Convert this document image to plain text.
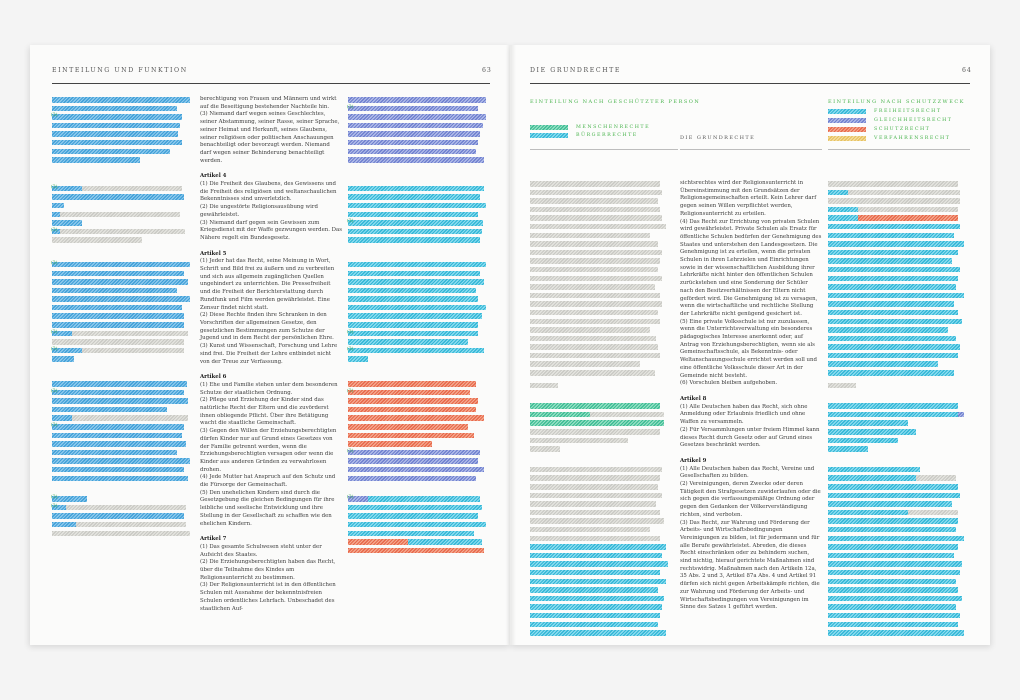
EINTEILUNG UND FUNKTION	63
(3)
(3)
(3)
(3)
(3)
(3)
(3)
(3)
(3)
(3)

berechtigung von Frauen und Männern und wirkt auf die Beseitigung bestehender Nachteile hin.

(3) Niemand darf wegen seines Geschlechtes, seiner Abstammung, seiner Rasse, seiner Sprache, seiner Heimat und Herkunft, seines Glaubens, seiner religiösen oder politischen Anschauungen benachteiligt oder bevorzugt werden. Niemand darf wegen seiner Behinderung benachteiligt werden.

Artikel 4

(1) Die Freiheit des Glaubens, des Gewissens und die Freiheit des religiösen und weltanschaulichen Bekenntnisses sind unverletzlich.

(2) Die ungestörte Religionsausübung wird gewährleistet.

(3) Niemand darf gegen sein Gewissen zum Kriegsdienst mit der Waffe gezwungen werden. Das Nähere regelt ein Bundesgesetz.

Artikel 5

(1) Jeder hat das Recht, seine Meinung in Wort, Schrift und Bild frei zu äußern und zu verbreiten und sich aus allgemein zugänglichen Quellen ungehindert zu unterrichten. Die Pressefreiheit und die Freiheit der Berichterstattung durch Rundfunk und Film werden gewährleistet. Eine Zensur findet nicht statt.

(2) Diese Rechte finden ihre Schranken in den Vorschriften der allgemeinen Gesetze, den gesetzlichen Bestimmungen zum Schutze der Jugend und in dem Recht der persönlichen Ehre.

(3) Kunst und Wissenschaft, Forschung und Lehre sind frei. Die Freiheit der Lehre entbindet nicht von der Treue zur Verfassung.

Artikel 6

(1) Ehe und Familie stehen unter dem besonderen Schutze der staatlichen Ordnung.

(2) Pflege und Erziehung der Kinder sind das natürliche Recht der Eltern und die zuvörderst ihnen obliegende Pflicht. Über ihre Betätigung wacht die staatliche Gemeinschaft.

(3) Gegen den Willen der Erziehungsberechtigten dürfen Kinder nur auf Grund eines Gesetzes von der Familie getrennt werden, wenn die Erziehungsberechtigten versagen oder wenn die Kinder aus anderen Gründen zu verwahrlosen drohen.

(4) Jede Mutter hat Anspruch auf den Schutz und die Fürsorge der Gemeinschaft.

(5) Den unehelichen Kindern sind durch die Gesetzgebung die gleichen Bedingungen für ihre leibliche und seelische Entwicklung und ihre Stellung in der Gesellschaft zu schaffen wie den ehelichen Kindern.

Artikel 7

(1) Das gesamte Schulwesen steht unter der Aufsicht des Staates.

(2) Die Erziehungsberechtigten haben das Recht, über die Teilnahme des Kindes am Religionsunterricht zu bestimmen.

(3) Der Religionsunterricht ist in den öffentlichen Schulen mit Ausnahme der bekenntnisfreien Schulen ordentliches Lehrfach. Unbeschadet des staatlichen Auf-

(3)
(3)
(3)
(3)
(3)
(3)
(3)
DIE GRUNDRECHTE	64
EINTEILUNG NACH GESCHÜTZTER PERSON
MENSCHENRECHTE
BÜRGERRECHTE	DIE GRUNDRECHTE
EINTEILUNG NACH SCHUTZZWECK
FREIHEITSRECHT
GLEICHHEITSRECHT
SCHUTZRECHT
VERFAHRENSRECHT

sichtsrechtes wird der Religionsunterricht in Übereinstimmung mit den Grundsätzen der Religionsgemeinschaften erteilt. Kein Lehrer darf gegen seinen Willen verpflichtet werden, Religionsunterricht zu erteilen.

(4) Das Recht zur Errichtung von privaten Schulen wird gewährleistet. Private Schulen als Ersatz für öffentliche Schulen bedürfen der Genehmigung des Staates und unterstehen den Landesgesetzen. Die Genehmigung ist zu erteilen, wenn die privaten Schulen in ihren Lehrzielen und Einrichtungen sowie in der wissenschaftlichen Ausbildung ihrer Lehrkräfte nicht hinter den öffentlichen Schulen zurückstehen und eine Sonderung der Schüler nach den Besitzverhältnissen der Eltern nicht gefördert wird. Die Genehmigung ist zu versagen, wenn die wirtschaftliche und rechtliche Stellung der Lehrkräfte nicht genügend gesichert ist.

(5) Eine private Volksschule ist nur zuzulassen, wenn die Unterrichtsverwaltung ein besonderes pädagogisches Interesse anerkennt oder, auf Antrag von Erziehungsberechtigten, wenn sie als Gemeinschaftsschule, als Bekenntnis- oder Weltanschauungsschule errichtet werden soll und eine öffentliche Volksschule dieser Art in der Gemeinde nicht besteht.

(6) Vorschulen bleiben aufgehoben.

Artikel 8

(1) Alle Deutschen haben das Recht, sich ohne Anmeldung oder Erlaubnis friedlich und ohne Waffen zu versammeln.

(2) Für Versammlungen unter freiem Himmel kann dieses Recht durch Gesetz oder auf Grund eines Gesetzes beschränkt werden.

Artikel 9

(1) Alle Deutschen haben das Recht, Vereine und Gesellschaften zu bilden.

(2) Vereinigungen, deren Zwecke oder deren Tätigkeit den Strafgesetzen zuwiderlaufen oder die sich gegen die verfassungsmäßige Ordnung oder gegen den Gedanken der Völkerverständigung richten, sind verboten.

(3) Das Recht, zur Wahrung und Förderung der Arbeits- und Wirtschaftsbedingungen Vereinigungen zu bilden, ist für jedermann und für alle Berufe gewährleistet. Abreden, die dieses Recht einschränken oder zu behindern suchen, sind nichtig, hierauf gerichtete Maßnahmen sind rechtswidrig. Maßnahmen nach den Artikeln 12a, 35 Abs. 2 und 3, Artikel 87a Abs. 4 und Artikel 91 dürfen sich nicht gegen Arbeitskämpfe richten, die zur Wahrung und Förderung der Arbeits- und Wirtschaftsbedingungen von Vereinigungen im Sinne des Satzes 1 geführt werden.
